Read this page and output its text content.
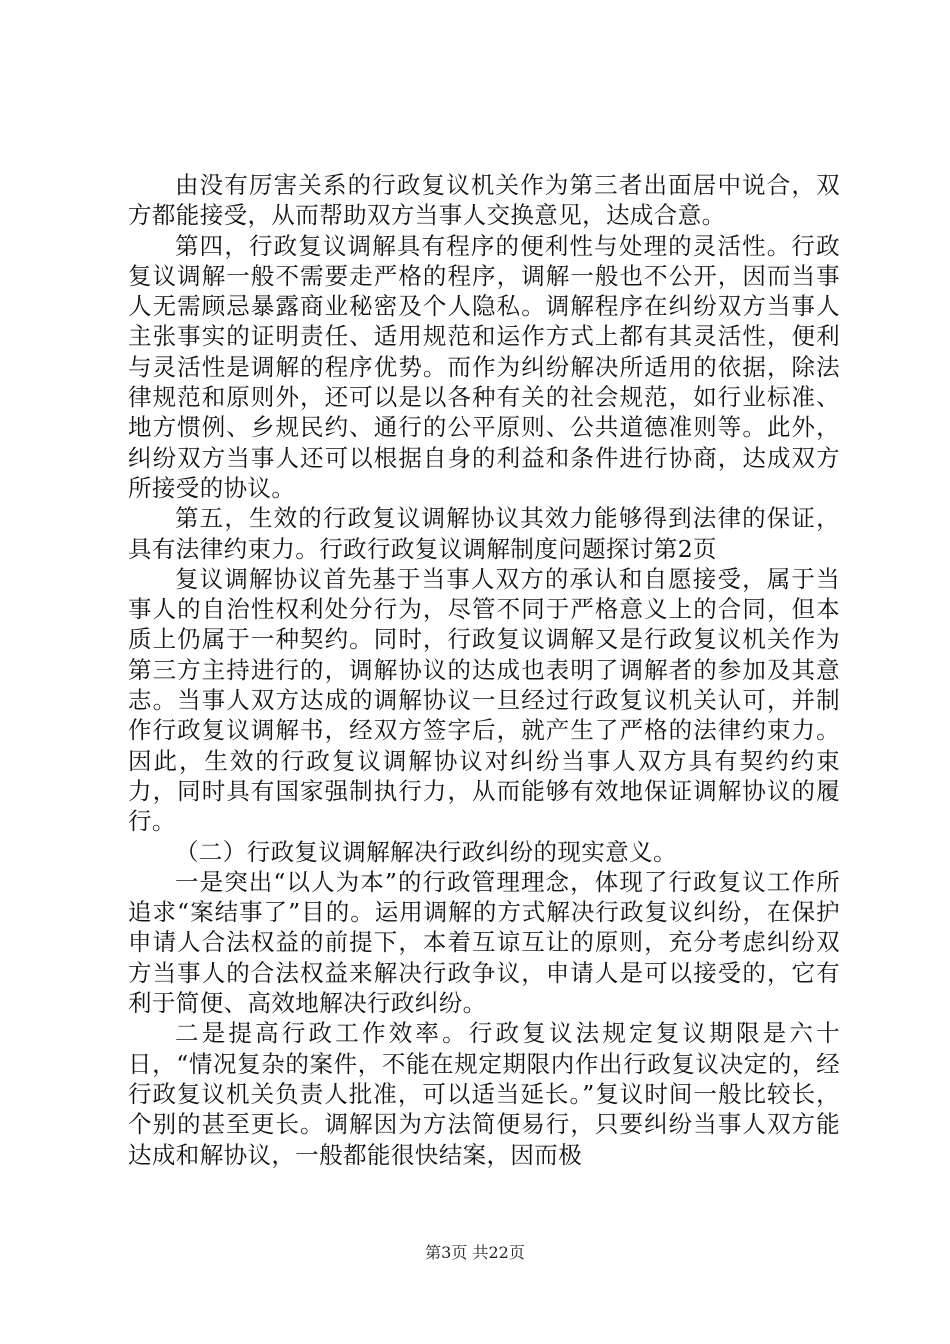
由没有厉害关系的行政复议机关作为第三者出面居中说合，双方都能接受，从而帮助双方当事人交换意见，达成合意。

第四，行政复议调解具有程序的便利性与处理的灵活性。行政复议调解一般不需要走严格的程序，调解一般也不公开，因而当事人无需顾忌暴露商业秘密及个人隐私。调解程序在纠纷双方当事人主张事实的证明责任、适用规范和运作方式上都有其灵活性，便利与灵活性是调解的程序优势。而作为纠纷解决所适用的依据，除法律规范和原则外，还可以是以各种有关的社会规范，如行业标准、地方惯例、乡规民约、通行的公平原则、公共道德准则等。此外，纠纷双方当事人还可以根据自身的利益和条件进行协商，达成双方所接受的协议。

第五，生效的行政复议调解协议其效力能够得到法律的保证，具有法律约束力。行政行政复议调解制度问题探讨第2页

复议调解协议首先基于当事人双方的承认和自愿接受，属于当事人的自治性权利处分行为，尽管不同于严格意义上的合同，但本质上仍属于一种契约。同时，行政复议调解又是行政复议机关作为第三方主持进行的，调解协议的达成也表明了调解者的参加及其意志。当事人双方达成的调解协议一旦经过行政复议机关认可，并制作行政复议调解书，经双方签字后，就产生了严格的法律约束力。因此，生效的行政复议调解协议对纠纷当事人双方具有契约约束力，同时具有国家强制执行力，从而能够有效地保证调解协议的履行。

（二）行政复议调解解决行政纠纷的现实意义。

一是突出“以人为本”的行政管理理念，体现了行政复议工作所追求“案结事了”目的。运用调解的方式解决行政复议纠纷，在保护申请人合法权益的前提下，本着互谅互让的原则，充分考虑纠纷双方当事人的合法权益来解决行政争议，申请人是可以接受的，它有利于简便、高效地解决行政纠纷。

二是提高行政工作效率。行政复议法规定复议期限是六十日，“情况复杂的案件，不能在规定期限内作出行政复议决定的，经行政复议机关负责人批准，可以适当延长。”复议时间一般比较长，个别的甚至更长。调解因为方法简便易行，只要纠纷当事人双方能达成和解协议，一般都能很快结案，因而极

第3页 共22页
